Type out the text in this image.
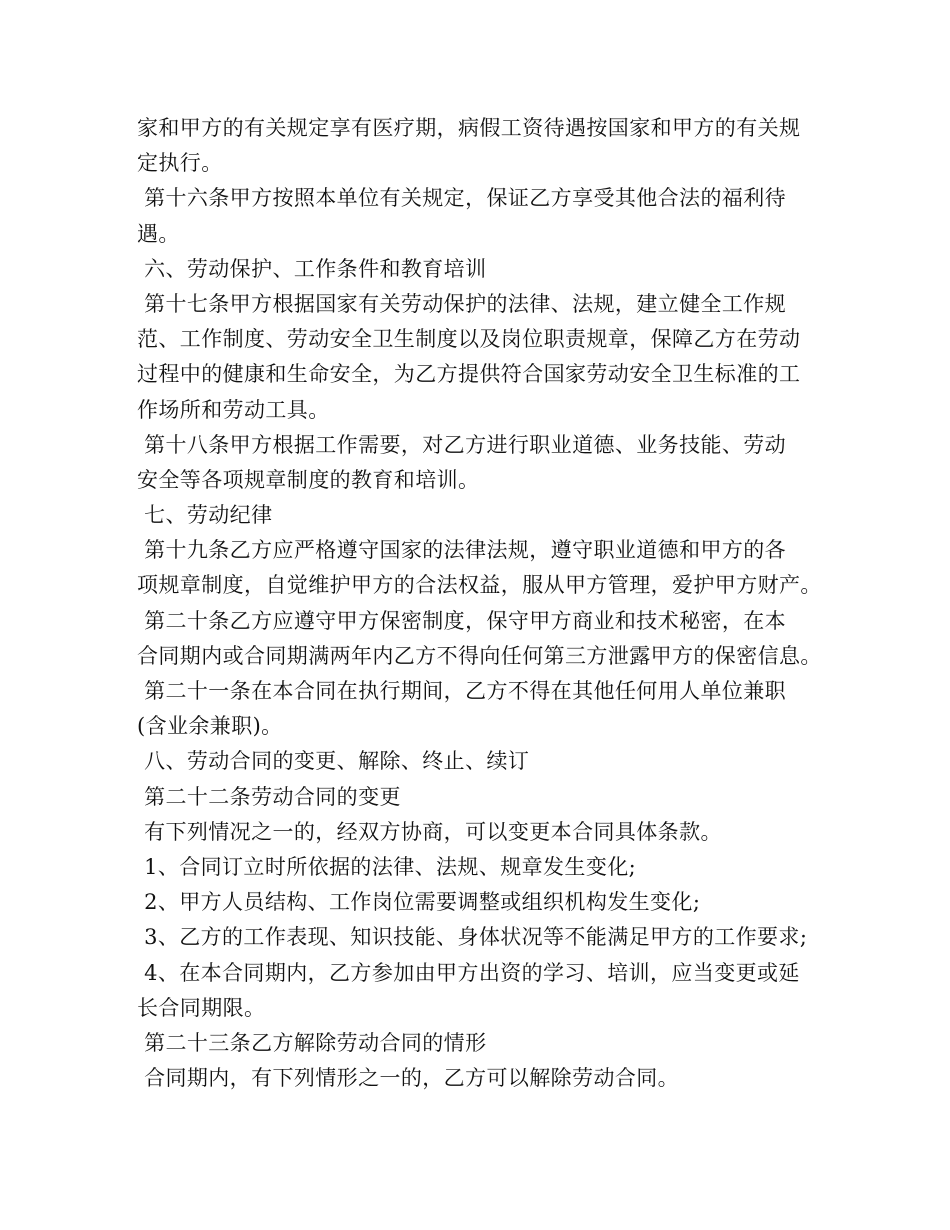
家和甲方的有关规定享有医疗期，病假工资待遇按国家和甲方的有关规
定执行。
第十六条甲方按照本单位有关规定，保证乙方享受其他合法的福利待
遇。
六、劳动保护、工作条件和教育培训
第十七条甲方根据国家有关劳动保护的法律、法规，建立健全工作规
范、工作制度、劳动安全卫生制度以及岗位职责规章，保障乙方在劳动
过程中的健康和生命安全，为乙方提供符合国家劳动安全卫生标准的工
作场所和劳动工具。
第十八条甲方根据工作需要，对乙方进行职业道德、业务技能、劳动
安全等各项规章制度的教育和培训。
七、劳动纪律
第十九条乙方应严格遵守国家的法律法规，遵守职业道德和甲方的各
项规章制度，自觉维护甲方的合法权益，服从甲方管理，爱护甲方财产。
第二十条乙方应遵守甲方保密制度，保守甲方商业和技术秘密，在本
合同期内或合同期满两年内乙方不得向任何第三方泄露甲方的保密信息。
第二十一条在本合同在执行期间，乙方不得在其他任何用人单位兼职
(含业余兼职)。
八、劳动合同的变更、解除、终止、续订
第二十二条劳动合同的变更
有下列情况之一的，经双方协商，可以变更本合同具体条款。
1、合同订立时所依据的法律、法规、规章发生变化;
2、甲方人员结构、工作岗位需要调整或组织机构发生变化;
3、乙方的工作表现、知识技能、身体状况等不能满足甲方的工作要求;
4、在本合同期内，乙方参加由甲方出资的学习、培训，应当变更或延
长合同期限。
第二十三条乙方解除劳动合同的情形
合同期内，有下列情形之一的，乙方可以解除劳动合同。
